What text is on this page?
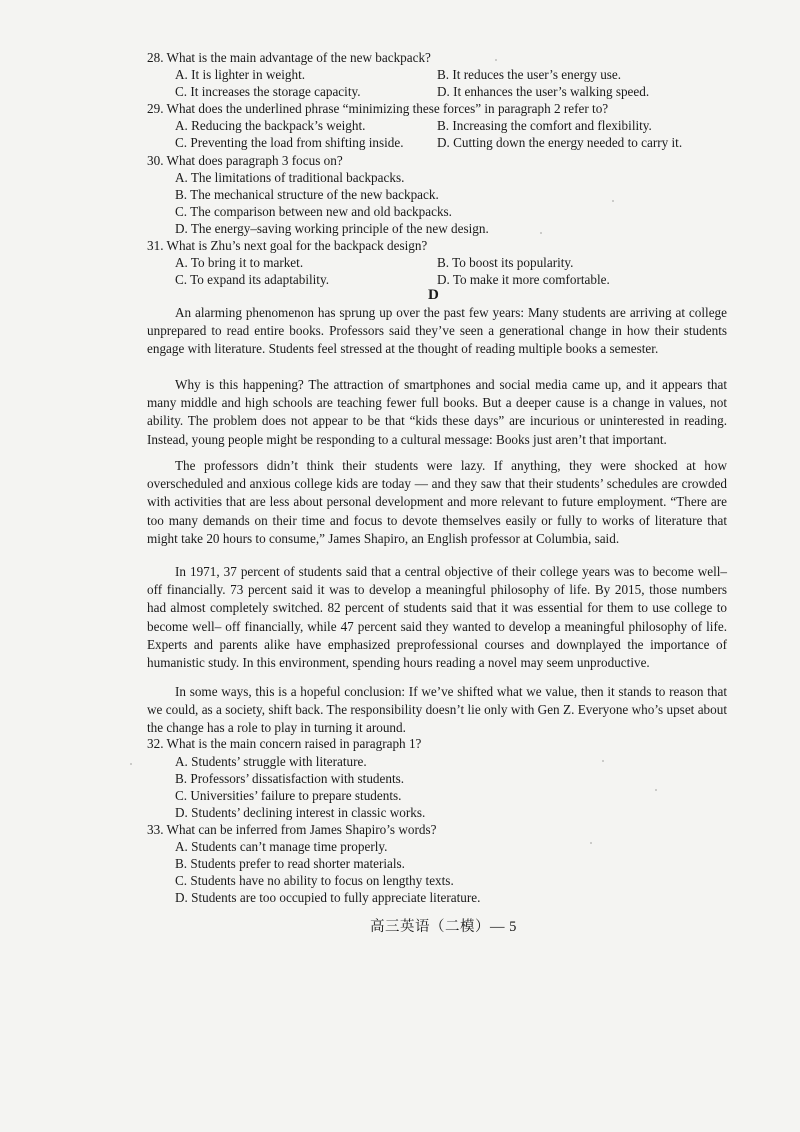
28. What is the main advantage of the new backpack?
A. It is lighter in weight.	B. It reduces the user’s energy use.
C. It increases the storage capacity.	D. It enhances the user’s walking speed.
29. What does the underlined phrase “minimizing these forces” in paragraph 2 refer to?
A. Reducing the backpack’s weight.	B. Increasing the comfort and flexibility.
C. Preventing the load from shifting inside.	D. Cutting down the energy needed to carry it.
30. What does paragraph 3 focus on?
A. The limitations of traditional backpacks.
B. The mechanical structure of the new backpack.
C. The comparison between new and old backpacks.
D. The energy–saving working principle of the new design.
31. What is Zhu’s next goal for the backpack design?
A. To bring it to market.	B. To boost its popularity.
C. To expand its adaptability.	D. To make it more comfortable.
D
An alarming phenomenon has sprung up over the past few years: Many students are arriving at college unprepared to read entire books. Professors said they’ve seen a generational change in how their students engage with literature. Students feel stressed at the thought of reading multiple books a semester.
Why is this happening? The attraction of smartphones and social media came up, and it appears that many middle and high schools are teaching fewer full books. But a deeper cause is a change in values, not ability. The problem does not appear to be that “kids these days” are incurious or uninterested in reading. Instead, young people might be responding to a cultural message: Books just aren’t that important.
The professors didn’t think their students were lazy. If anything, they were shocked at how overscheduled and anxious college kids are today — and they saw that their students’ schedules are crowded with activities that are less about personal development and more relevant to future employment. “There are too many demands on their time and focus to devote themselves easily or fully to works of literature that might take 20 hours to consume,” James Shapiro, an English professor at Columbia, said.
In 1971, 37 percent of students said that a central objective of their college years was to become well–off financially. 73 percent said it was to develop a meaningful philosophy of life. By 2015, those numbers had almost completely switched. 82 percent of students said that it was essential for them to use college to become well– off financially, while 47 percent said they wanted to develop a meaningful philosophy of life. Experts and parents alike have emphasized preprofessional courses and downplayed the importance of humanistic study. In this environment, spending hours reading a novel may seem unproductive.
In some ways, this is a hopeful conclusion: If we’ve shifted what we value, then it stands to reason that we could, as a society, shift back. The responsibility doesn’t lie only with Gen Z. Everyone who’s upset about the change has a role to play in turning it around.
32. What is the main concern raised in paragraph 1?
A. Students’ struggle with literature.
B. Professors’ dissatisfaction with students.
C. Universities’ failure to prepare students.
D. Students’ declining interest in classic works.
33. What can be inferred from James Shapiro’s words?
A. Students can’t manage time properly.
B. Students prefer to read shorter materials.
C. Students have no ability to focus on lengthy texts.
D. Students are too occupied to fully appreciate literature.
高三英语（二模）— 5
